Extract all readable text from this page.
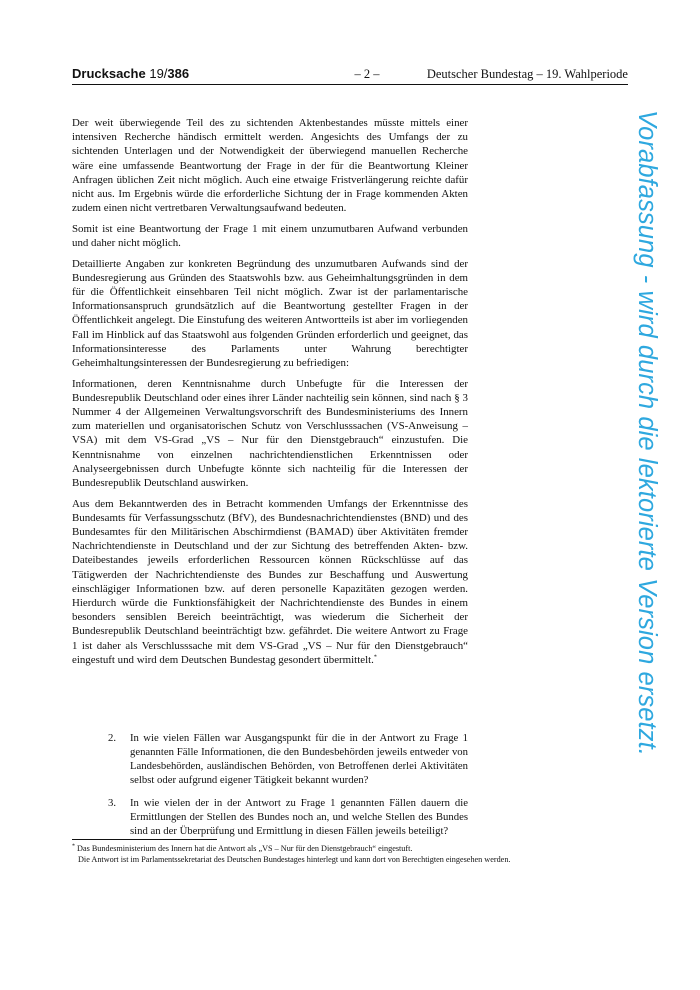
Drucksache 19/386	– 2 –	Deutscher Bundestag – 19. Wahlperiode

Der weit überwiegende Teil des zu sichtenden Aktenbestandes müsste mittels einer intensiven Recherche händisch ermittelt werden. Angesichts des Umfangs der zu sichtenden Unterlagen und der Notwendigkeit der überwiegend manuellen Recherche wäre eine umfassende Beantwortung der Frage in der für die Beantwortung Kleiner Anfragen üblichen Zeit nicht möglich. Auch eine etwaige Fristverlängerung reichte dafür nicht aus. Im Ergebnis würde die erforderliche Sichtung der in Frage kommenden Akten zudem einen nicht vertretbaren Verwaltungsaufwand bedeuten.

Somit ist eine Beantwortung der Frage 1 mit einem unzumutbaren Aufwand verbunden und daher nicht möglich.

Detaillierte Angaben zur konkreten Begründung des unzumutbaren Aufwands sind der Bundesregierung aus Gründen des Staatswohls bzw. aus Geheimhaltungsgründen in dem für die Öffentlichkeit einsehbaren Teil nicht möglich. Zwar ist der parlamentarische Informationsanspruch grundsätzlich auf die Beantwortung gestellter Fragen in der Öffentlichkeit angelegt. Die Einstufung des weiteren Antwortteils ist aber im vorliegenden Fall im Hinblick auf das Staatswohl aus folgenden Gründen erforderlich und geeignet, das Informationsinteresse des Parlaments unter Wahrung berechtigter Geheimhaltungsinteressen der Bundesregierung zu befriedigen:

Informationen, deren Kenntnisnahme durch Unbefugte für die Interessen der Bundesrepublik Deutschland oder eines ihrer Länder nachteilig sein können, sind nach § 3 Nummer 4 der Allgemeinen Verwaltungsvorschrift des Bundesministeriums des Innern zum materiellen und organisatorischen Schutz von Verschlusssachen (VS-Anweisung – VSA) mit dem VS-Grad „VS – Nur für den Dienstgebrauch“ einzustufen. Die Kenntnisnahme von einzelnen nachrichtendienstlichen Erkenntnissen oder Analyseergebnissen durch Unbefugte könnte sich nachteilig für die Interessen der Bundesrepublik Deutschland auswirken.

Aus dem Bekanntwerden des in Betracht kommenden Umfangs der Erkenntnisse des Bundesamts für Verfassungsschutz (BfV), des Bundesnachrichtendienstes (BND) und des Bundesamtes für den Militärischen Abschirmdienst (BAMAD) über Aktivitäten fremder Nachrichtendienste in Deutschland und der zur Sichtung des betreffenden Akten- bzw. Dateibestandes jeweils erforderlichen Ressourcen können Rückschlüsse auf das Tätigwerden der Nachrichtendienste des Bundes zur Beschaffung und Auswertung einschlägiger Informationen bzw. auf deren personelle Kapazitäten gezogen werden. Hierdurch würde die Funktionsfähigkeit der Nachrichtendienste des Bundes in einem besonders sensiblen Bereich beeinträchtigt, was wiederum die Sicherheit der Bundesrepublik Deutschland beeinträchtigt bzw. gefährdet. Die weitere Antwort zu Frage 1 ist daher als Verschlusssache mit dem VS-Grad „VS – Nur für den Dienstgebrauch“ eingestuft und wird dem Deutschen Bundestag gesondert übermittelt.*

2. In wie vielen Fällen war Ausgangspunkt für die in der Antwort zu Frage 1 genannten Fälle Informationen, die den Bundesbehörden jeweils entweder von Landesbehörden, ausländischen Behörden, von Betroffenen derlei Aktivitäten selbst oder aufgrund eigener Tätigkeit bekannt wurden?
3. In wie vielen der in der Antwort zu Frage 1 genannten Fällen dauern die Ermittlungen der Stellen des Bundes noch an, und welche Stellen des Bundes sind an der Überprüfung und Ermittlung in diesen Fällen jeweils beteiligt?

* Das Bundesministerium des Innern hat die Antwort als „VS – Nur für den Dienstgebrauch“ eingestuft.

Die Antwort ist im Parlamentssekretariat des Deutschen Bundestages hinterlegt und kann dort von Berechtigten eingesehen werden.

Vorabfassung - wird durch die lektorierte Version ersetzt.
